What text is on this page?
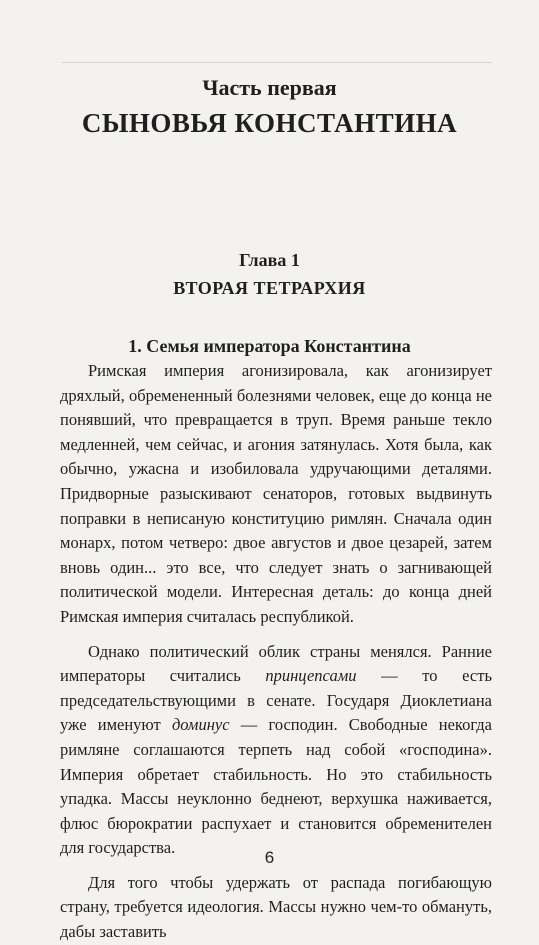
Часть первая
СЫНОВЬЯ КОНСТАНТИНА
Глава 1
ВТОРАЯ ТЕТРАРХИЯ
1. Семья императора Константина

Римская империя агонизировала, как агонизирует дряхлый, обремененный болезнями человек, еще до конца не понявший, что превращается в труп. Время раньше текло медленней, чем сейчас, и агония затянулась. Хотя была, как обычно, ужасна и изобиловала удручающими деталями. Придворные разыскивают сенаторов, готовых выдвинуть поправки в неписаную конституцию римлян. Сначала один монарх, потом четверо: двое августов и двое цезарей, затем вновь один... это все, что следует знать о загнивающей политической модели. Интересная деталь: до конца дней Римская империя считалась республикой.

Однако политический облик страны менялся. Ранние императоры считались принцепсами — то есть председательствующими в сенате. Государя Диоклетиана уже именуют доминус — господин. Свободные некогда римляне соглашаются терпеть над собой «господина». Империя обретает стабильность. Но это стабильность упадка. Массы неуклонно беднеют, верхушка наживается, флюс бюрократии распухает и становится обременителен для государства.

Для того чтобы удержать от распада погибающую страну, требуется идеология. Массы нужно чем-то обмануть, дабы заставить

6
